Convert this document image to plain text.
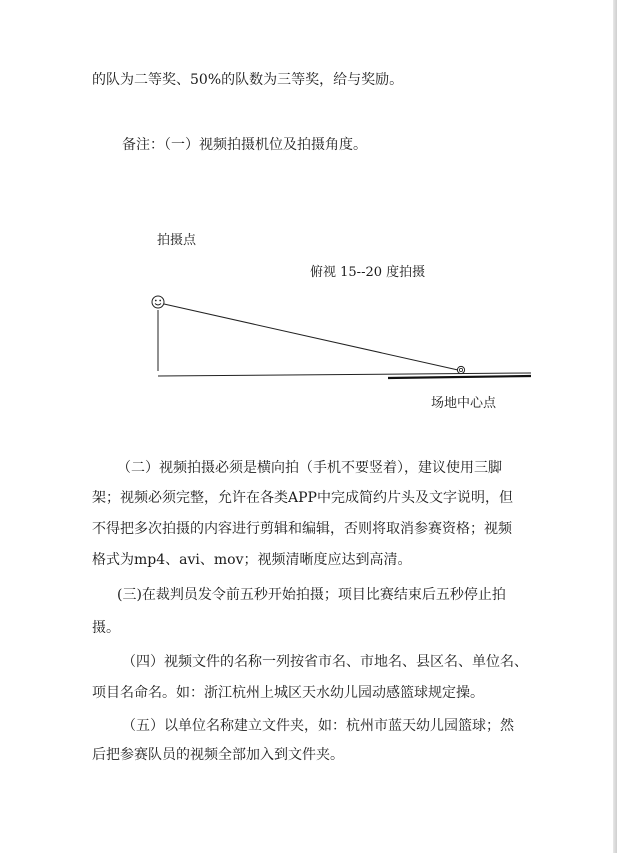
的队为二等奖、50%的队数为三等奖，给与奖励。
备注：（一）视频拍摄机位及拍摄角度。
拍摄点
俯视 15--20 度拍摄
场地中心点
（二）视频拍摄必须是横向拍（手机不要竖着），建议使用三脚
架；视频必须完整，允许在各类APP中完成简约片头及文字说明，但
不得把多次拍摄的内容进行剪辑和编辑，否则将取消参赛资格；视频
格式为mp4、avi、mov；视频清晰度应达到高清。
(三)在裁判员发令前五秒开始拍摄；项目比赛结束后五秒停止拍
摄。
（四）视频文件的名称一列按省市名、市地名、县区名、单位名、
项目名命名。如：浙江杭州上城区天水幼儿园动感篮球规定操。
（五）以单位名称建立文件夹，如：杭州市蓝天幼儿园篮球；然
后把参赛队员的视频全部加入到文件夹。
